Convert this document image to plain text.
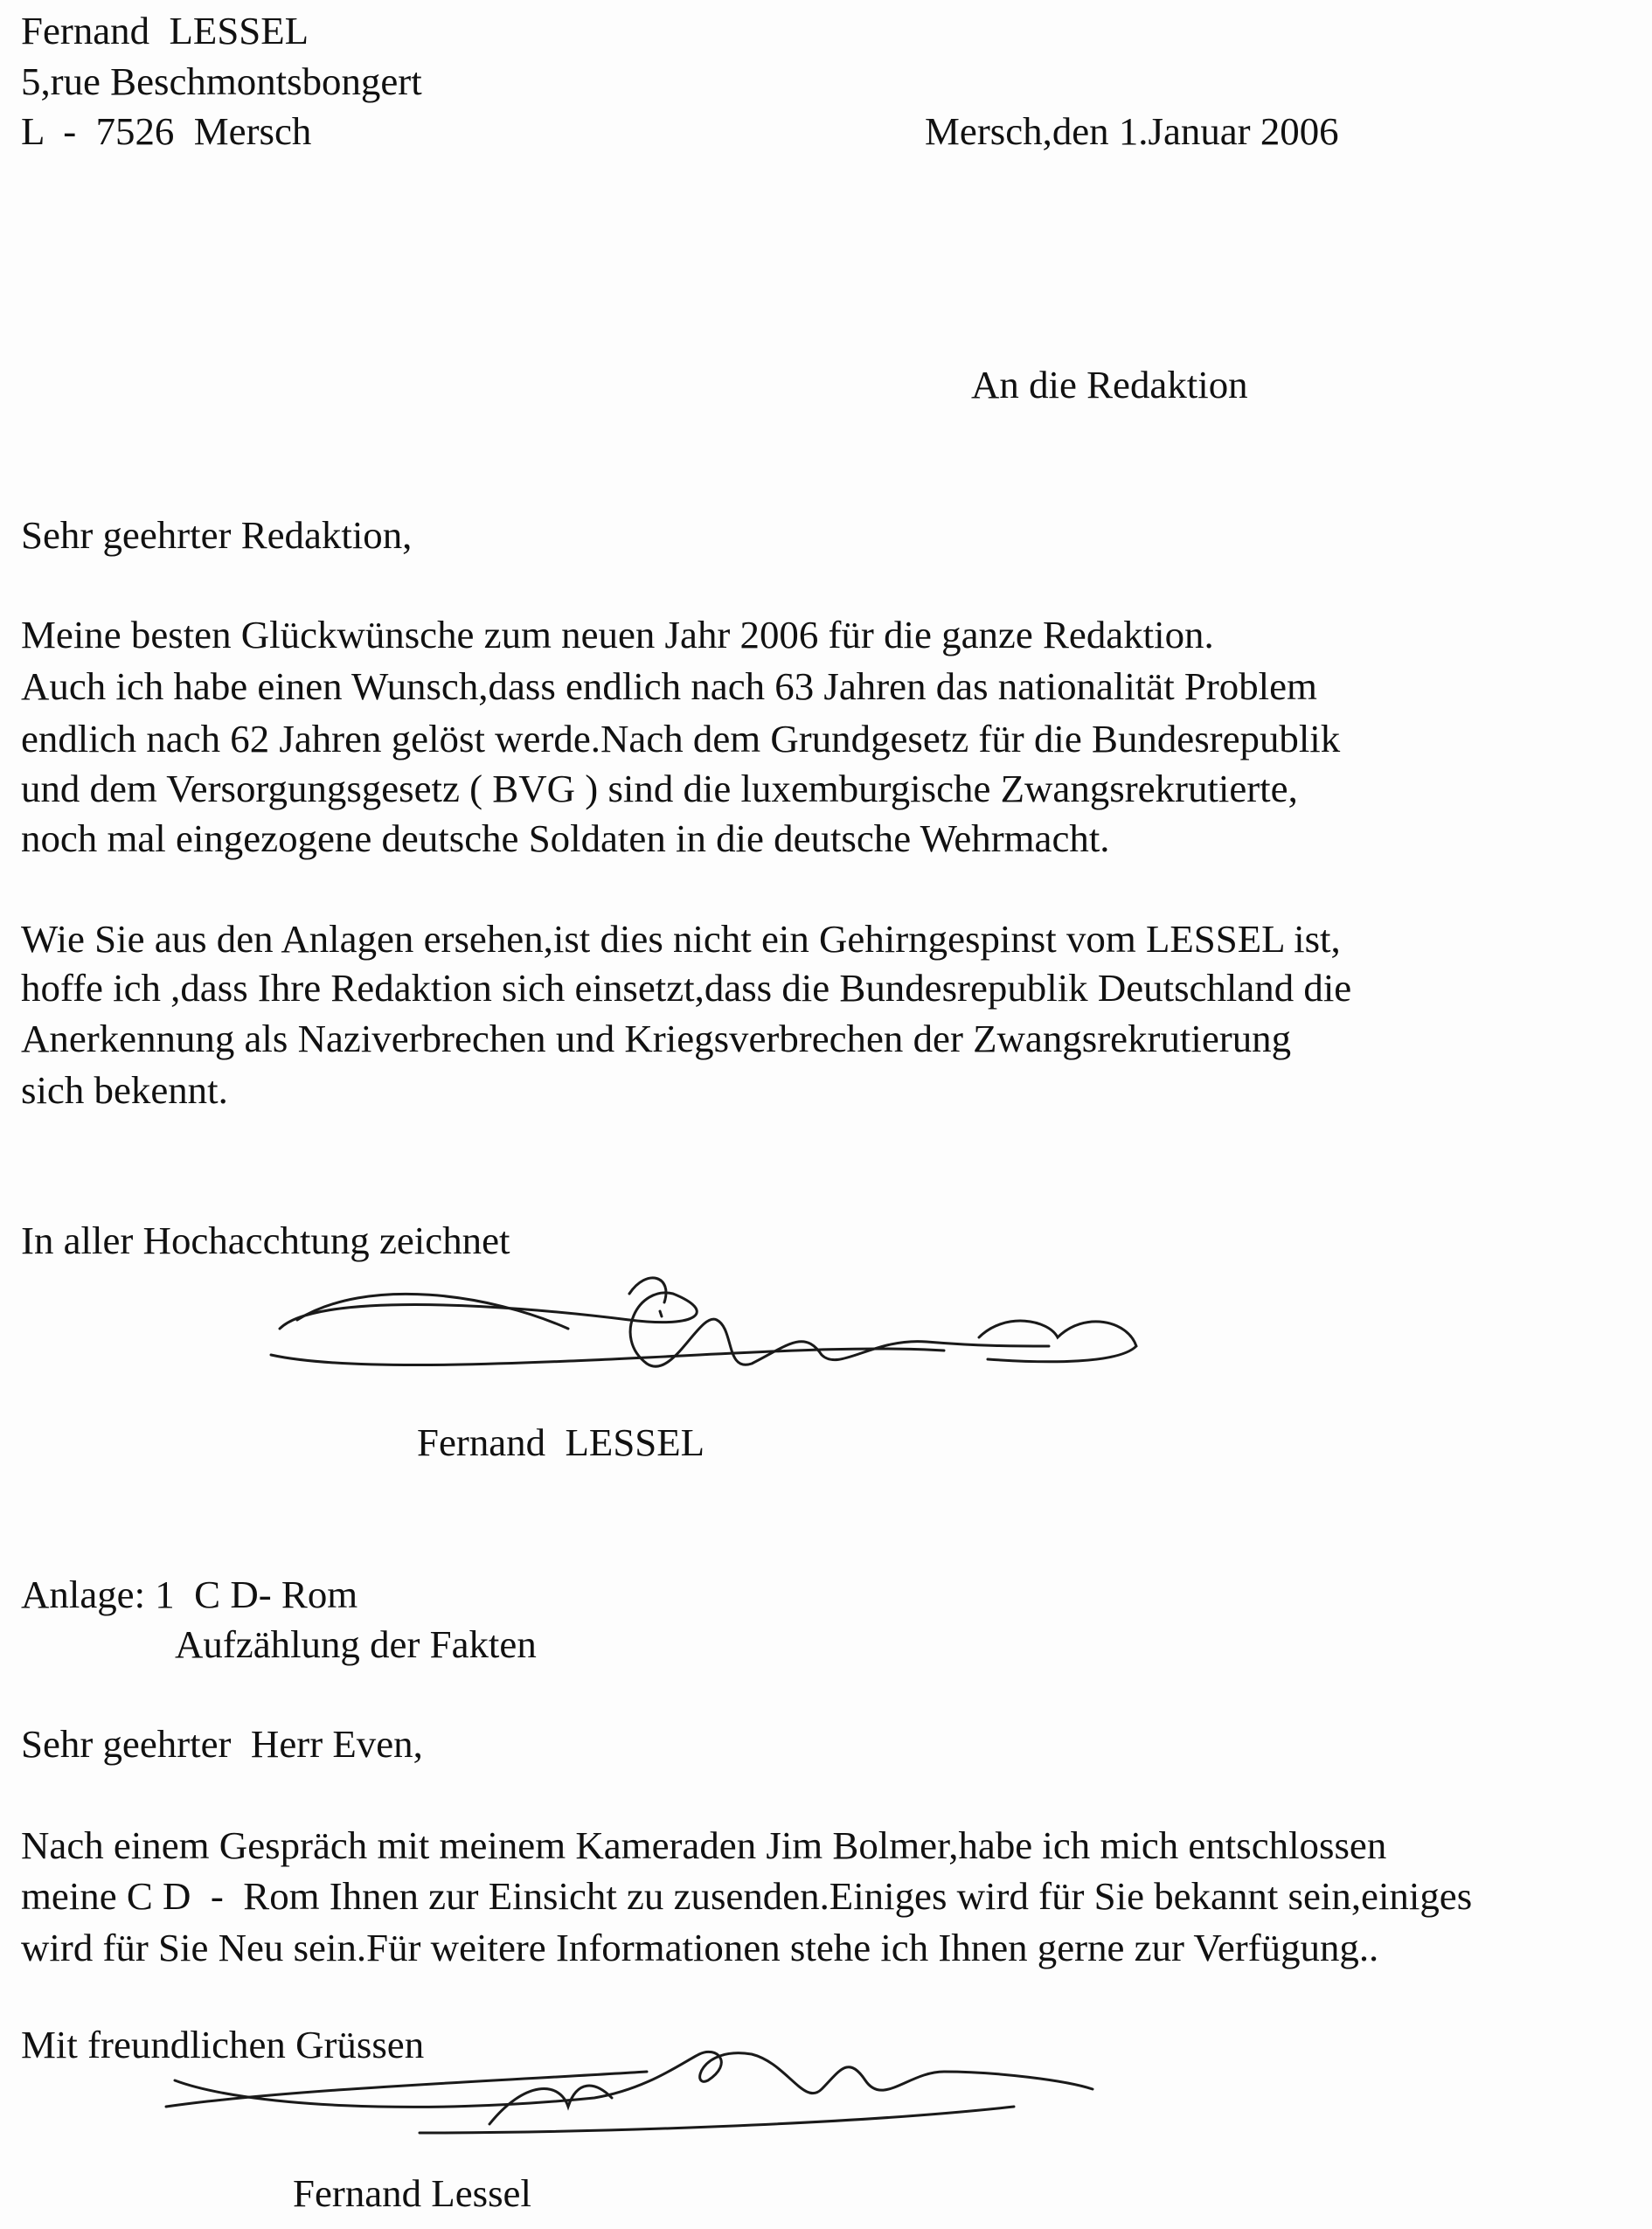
Fernand  LESSEL
5,rue Beschmontsbongert
L  -  7526  Mersch	Mersch,den 1.Januar 2006
An die Redaktion
Sehr geehrter Redaktion,
Meine besten Glückwünsche zum neuen Jahr 2006 für die ganze Redaktion.
Auch ich habe einen Wunsch,dass endlich nach 63 Jahren das nationalität Problem
endlich nach 62 Jahren gelöst werde.Nach dem Grundgesetz für die Bundesrepublik
und dem Versorgungsgesetz ( BVG ) sind die luxemburgische Zwangsrekrutierte,
noch mal eingezogene deutsche Soldaten in die deutsche Wehrmacht.
Wie Sie aus den Anlagen ersehen,ist dies nicht ein Gehirngespinst vom LESSEL ist,
hoffe ich ,dass Ihre Redaktion sich einsetzt,dass die Bundesrepublik Deutschland die
Anerkennung als Naziverbrechen und Kriegsverbrechen der Zwangsrekrutierung
sich bekennt.
In aller Hochacchtung zeichnet
Fernand  LESSEL
Anlage: 1  C D- Rom
Aufzählung der Fakten
Sehr geehrter  Herr Even,
Nach einem Gespräch mit meinem Kameraden Jim Bolmer,habe ich mich entschlossen
meine C D  -  Rom Ihnen zur Einsicht zu zusenden.Einiges wird für Sie bekannt sein,einiges
wird für Sie Neu sein.Für weitere Informationen stehe ich Ihnen gerne zur Verfügung..
Mit freundlichen Grüssen
Fernand Lessel
